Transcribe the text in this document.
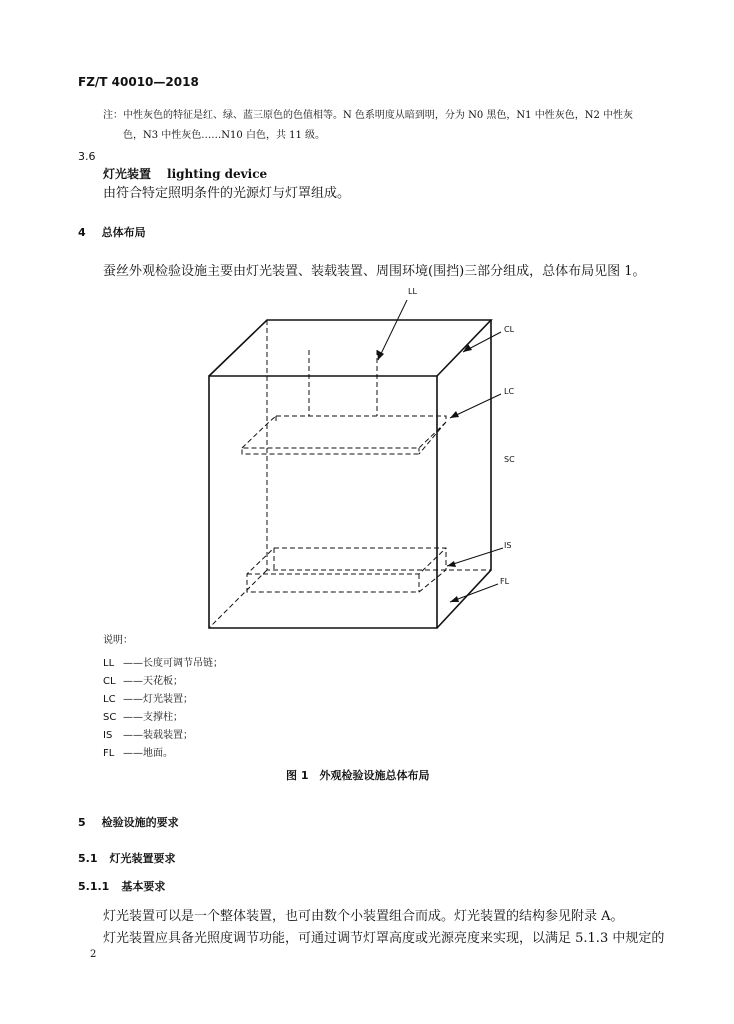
FZ/T 40010—2018
注：中性灰色的特征是红、绿、蓝三原色的色值相等。N 色系明度从暗到明，分为 N0 黑色，N1 中性灰色，N2 中性灰
色，N3 中性灰色……N10 白色，共 11 级。
3.6
灯光装置 lighting device
由符合特定照明条件的光源灯与灯罩组成。
4 总体布局
蚕丝外观检验设施主要由灯光装置、装载装置、周围环境(围挡)三部分组成，总体布局见图 1。
LL
CL
LC
SC
IS
FL
说明：
LL ——长度可调节吊链；
CL ——天花板；
LC ——灯光装置；
SC ——支撑柱；
IS ——装载装置；
FL ——地面。
图 1　外观检验设施总体布局
5 检验设施的要求
5.1 灯光装置要求
5.1.1 基本要求
灯光装置可以是一个整体装置，也可由数个小装置组合而成。灯光装置的结构参见附录 A。
灯光装置应具备光照度调节功能，可通过调节灯罩高度或光源亮度来实现，以满足 5.1.3 中规定的
2
